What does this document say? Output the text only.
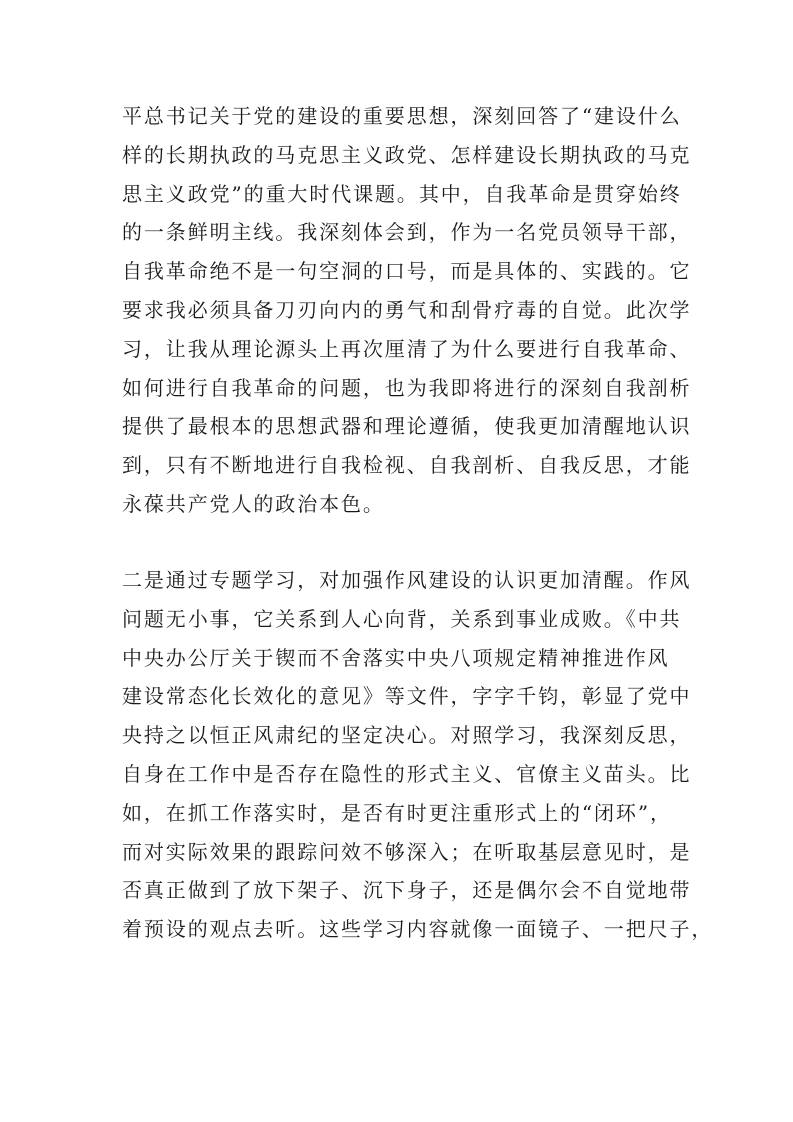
平总书记关于党的建设的重要思想，深刻回答了“建设什么
样的长期执政的马克思主义政党、怎样建设长期执政的马克
思主义政党”的重大时代课题。其中，自我革命是贯穿始终
的一条鲜明主线。我深刻体会到，作为一名党员领导干部，
自我革命绝不是一句空洞的口号，而是具体的、实践的。它
要求我必须具备刀刃向内的勇气和刮骨疗毒的自觉。此次学
习，让我从理论源头上再次厘清了为什么要进行自我革命、
如何进行自我革命的问题，也为我即将进行的深刻自我剖析
提供了最根本的思想武器和理论遵循，使我更加清醒地认识
到，只有不断地进行自我检视、自我剖析、自我反思，才能
永葆共产党人的政治本色。
二是通过专题学习，对加强作风建设的认识更加清醒。作风
问题无小事，它关系到人心向背，关系到事业成败。《中共
中央办公厅关于锲而不舍落实中央八项规定精神推进作风
建设常态化长效化的意见》等文件，字字千钧，彰显了党中
央持之以恒正风肃纪的坚定决心。对照学习，我深刻反思，
自身在工作中是否存在隐性的形式主义、官僚主义苗头。比
如，在抓工作落实时，是否有时更注重形式上的“闭环”，
而对实际效果的跟踪问效不够深入；在听取基层意见时，是
否真正做到了放下架子、沉下身子，还是偶尔会不自觉地带
着预设的观点去听。这些学习内容就像一面镜子、一把尺子，
